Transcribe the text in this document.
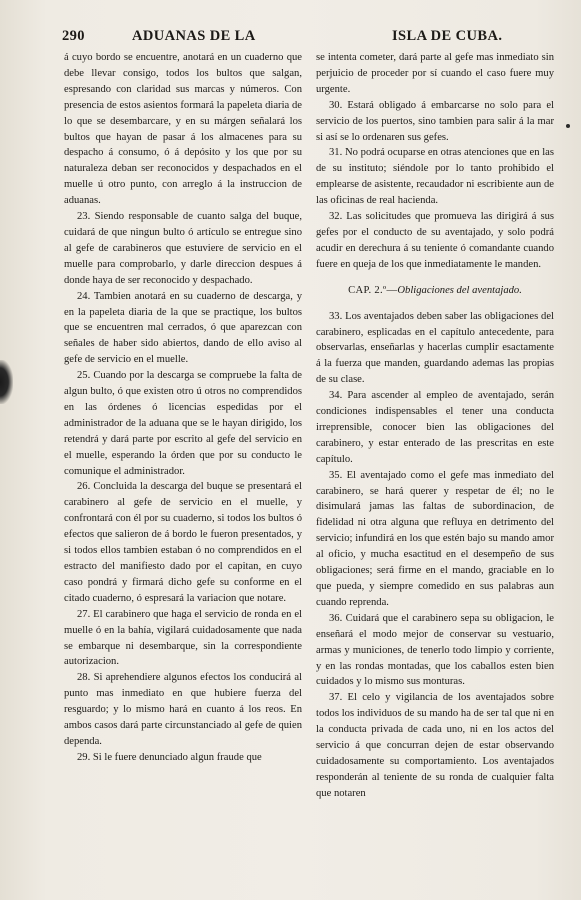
290	ADUANAS DE LA	ISLA DE CUBA.

á cuyo bordo se encuentre, anotará en un cuaderno que debe llevar consigo, todos los bultos que salgan, espresando con claridad sus marcas y números. Con presencia de estos asientos formará la papeleta diaria de lo que se desembarcare, y en su márgen señalará los bultos que hayan de pasar á los almacenes para su despacho á consumo, ó á depósito y los que por su naturaleza deban ser reconocidos y despachados en el muelle ú otro punto, con arreglo á la instruccion de aduanas.

23. Siendo responsable de cuanto salga del buque, cuidará de que ningun bulto ó artículo se entregue sino al gefe de carabineros que estuviere de servicio en el muelle para comprobarlo, y darle direccion despues á donde haya de ser reconocido y despachado.

24. Tambien anotará en su cuaderno de descarga, y en la papeleta diaria de la que se practique, los bultos que se encuentren mal cerrados, ó que aparezcan con señales de haber sido abiertos, dando de ello aviso al gefe de servicio en el muelle.

25. Cuando por la descarga se compruebe la falta de algun bulto, ó que existen otro ú otros no comprendidos en las órdenes ó licencias espedidas por el administrador de la aduana que se le hayan dirigido, los retendrá y dará parte por escrito al gefe del servicio en el muelle, esperando la órden que por su conducto le comunique el administrador.

26. Concluida la descarga del buque se presentará el carabinero al gefe de servicio en el muelle, y confrontará con él por su cuaderno, si todos los bultos ó efectos que salieron de á bordo le fueron presentados, y si todos ellos tambien estaban ó no comprendidos en el estracto del manifiesto dado por el capitan, en cuyo caso pondrá y firmará dicho gefe su conforme en el citado cuaderno, ó espresará la variacion que notare.

27. El carabinero que haga el servicio de ronda en el muelle ó en la bahía, vigilará cuidadosamente que nada se embarque ni desembarque, sin la correspondiente autorizacion.

28. Si aprehendiere algunos efectos los conducirá al punto mas inmediato en que hubiere fuerza del resguardo; y lo mismo hará en cuanto á los reos. En ambos casos dará parte circunstanciado al gefe de quien dependa.

29. Si le fuere denunciado algun fraude que

se intenta cometer, dará parte al gefe mas inmediato sin perjuicio de proceder por sí cuando el caso fuere muy urgente.

30. Estará obligado á embarcarse no solo para el servicio de los puertos, sino tambien para salir á la mar si así se lo ordenaren sus gefes.

31. No podrá ocuparse en otras atenciones que en las de su instituto; siéndole por lo tanto prohibido el emplearse de asistente, recaudador ni escribiente aun de las oficinas de real hacienda.

32. Las solicitudes que promueva las dirigirá á sus gefes por el conducto de su aventajado, y solo podrá acudir en derechura á su teniente ó comandante cuando fuere en queja de los que inmediatamente le manden.

CAP. 2.º—Obligaciones del aventajado.

33. Los aventajados deben saber las obligaciones del carabinero, esplicadas en el capítulo antecedente, para observarlas, enseñarlas y hacerlas cumplir esactamente á la fuerza que manden, guardando ademas las propias de su clase.

34. Para ascender al empleo de aventajado, serán condiciones indispensables el tener una conducta irreprensible, conocer bien las obligaciones del carabinero, y estar enterado de las prescritas en este capítulo.

35. El aventajado como el gefe mas inmediato del carabinero, se hará querer y respetar de él; no le disimulará jamas las faltas de subordinacion, de fidelidad ni otra alguna que refluya en detrimento del servicio; infundirá en los que estén bajo su mando amor al oficio, y mucha esactitud en el desempeño de sus obligaciones; será firme en el mando, graciable en lo que pueda, y siempre comedido en sus palabras aun cuando reprenda.

36. Cuidará que el carabinero sepa su obligacion, le enseñará el modo mejor de conservar su vestuario, armas y municiones, de tenerlo todo limpio y corriente, y en las rondas montadas, que los caballos esten bien cuidados y lo mismo sus monturas.

37. El celo y vigilancia de los aventajados sobre todos los individuos de su mando ha de ser tal que ni en la conducta privada de cada uno, ni en los actos del servicio á que concurran dejen de estar observando cuidadosamente su comportamiento. Los aventajados responderán al teniente de su ronda de cualquier falta que notaren
